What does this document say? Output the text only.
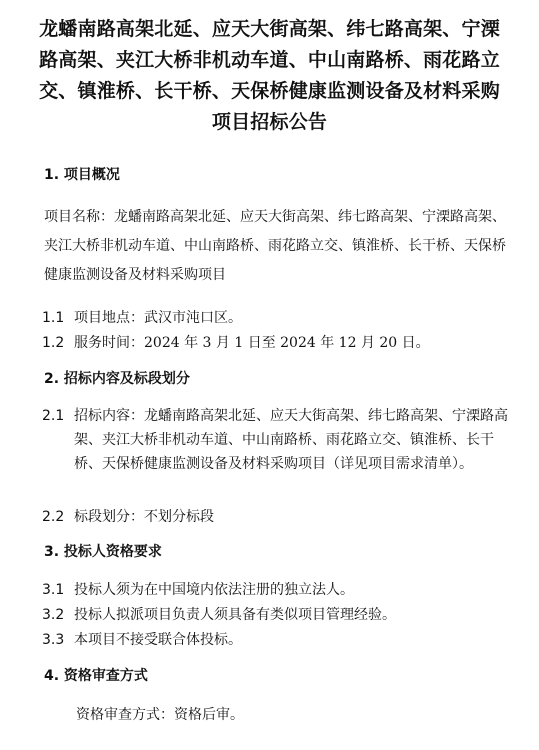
龙蟠南路高架北延、应天大街高架、纬七路高架、宁溧路高架、夹江大桥非机动车道、中山南路桥、雨花路立交、镇淮桥、长干桥、天保桥健康监测设备及材料采购项目招标公告
1. 项目概况

项目名称：龙蟠南路高架北延、应天大街高架、纬七路高架、宁溧路高架、夹江大桥非机动车道、中山南路桥、雨花路立交、镇淮桥、长干桥、天保桥健康监测设备及材料采购项目

1.1 项目地点：武汉市沌口区。
1.2 服务时间：2024 年 3 月 1 日至 2024 年 12 月 20 日。
2. 招标内容及标段划分
2.1 招标内容：龙蟠南路高架北延、应天大街高架、纬七路高架、宁溧路高架、夹江大桥非机动车道、中山南路桥、雨花路立交、镇淮桥、长干桥、天保桥健康监测设备及材料采购项目（详见项目需求清单）。
2.2 标段划分：不划分标段
3. 投标人资格要求
3.1 投标人须为在中国境内依法注册的独立法人。
3.2 投标人拟派项目负责人须具备有类似项目管理经验。
3.3 本项目不接受联合体投标。
4. 资格审查方式

资格审查方式：资格后审。
